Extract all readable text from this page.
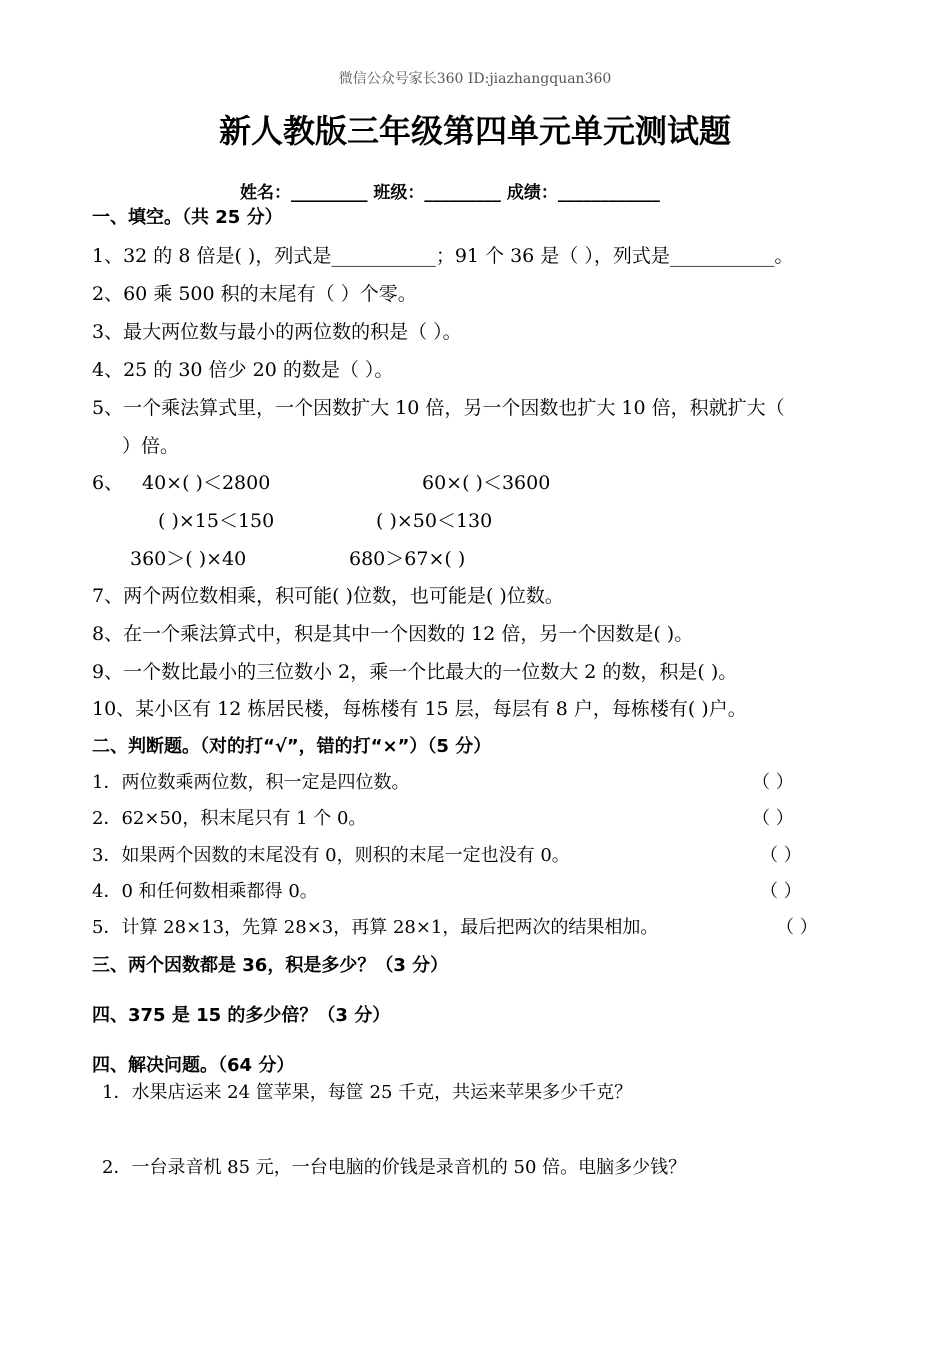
微信公众号家长360 ID:jiazhangquan360
新人教版三年级第四单元单元测试题
姓名：_________ 班级：_________ 成绩：____________
一、填空。（共 25 分）
1、32 的 8 倍是( )，列式是___________；91 个 36 是（ ），列式是___________。
2、60 乘 500 积的末尾有（ ）个零。
3、最大两位数与最小的两位数的积是（ ）。
4、25 的 30 倍少 20 的数是（ ）。
5、一个乘法算式里，一个因数扩大 10 倍，另一个因数也扩大 10 倍，积就扩大（
）倍。
6、 40×( )＜2800	60×( )＜3600
( )×15＜150	( )×50＜130
360＞( )×40	680＞67×( )
7、两个两位数相乘，积可能( )位数，也可能是( )位数。
8、在一个乘法算式中，积是其中一个因数的 12 倍，另一个因数是( )。
9、一个数比最小的三位数小 2，乘一个比最大的一位数大 2 的数，积是( )。
10、某小区有 12 栋居民楼，每栋楼有 15 层，每层有 8 户，每栋楼有( )户。
二、判断题。（对的打“√”，错的打“×”）（5 分）
1．两位数乘两位数，积一定是四位数。	（ ）
2．62×50，积末尾只有 1 个 0。	（ ）
3．如果两个因数的末尾没有 0，则积的末尾一定也没有 0。	（ ）
4．0 和任何数相乘都得 0。	（ ）
5．计算 28×13，先算 28×3，再算 28×1，最后把两次的结果相加。	（ ）
三、两个因数都是 36，积是多少？（3 分）
四、375 是 15 的多少倍？（3 分）
四、解决问题。（64 分）
1．水果店运来 24 筐苹果，每筐 25 千克，共运来苹果多少千克？
2．一台录音机 85 元，一台电脑的价钱是录音机的 50 倍。电脑多少钱？
